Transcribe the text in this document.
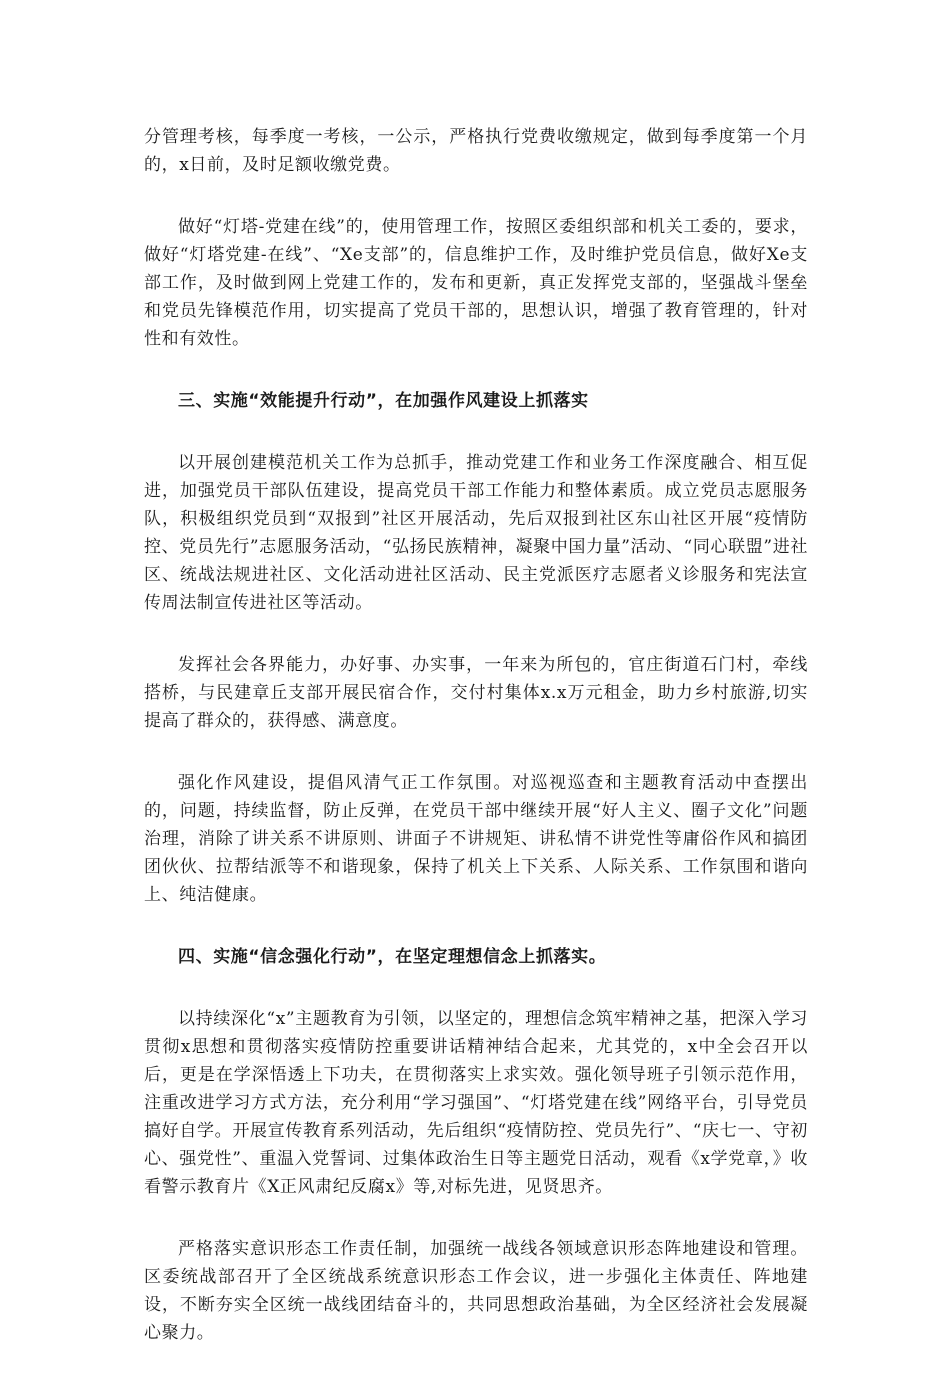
分管理考核，每季度一考核，一公示，严格执行党费收缴规定，做到每季度第一个月的，x日前，及时足额收缴党费。

做好“灯塔-党建在线”的，使用管理工作，按照区委组织部和机关工委的，要求，做好“灯塔党建-在线”、“Xe支部”的，信息维护工作，及时维护党员信息，做好Xe支部工作，及时做到网上党建工作的，发布和更新，真正发挥党支部的，坚强战斗堡垒和党员先锋模范作用，切实提高了党员干部的，思想认识，增强了教育管理的，针对性和有效性。

三、实施“效能提升行动”，在加强作风建设上抓落实

以开展创建模范机关工作为总抓手，推动党建工作和业务工作深度融合、相互促进，加强党员干部队伍建设，提高党员干部工作能力和整体素质。成立党员志愿服务队，积极组织党员到“双报到”社区开展活动，先后双报到社区东山社区开展“疫情防控、党员先行”志愿服务活动，“弘扬民族精神，凝聚中国力量”活动、“同心联盟”进社区、统战法规进社区、文化活动进社区活动、民主党派医疗志愿者义诊服务和宪法宣传周法制宣传进社区等活动。

发挥社会各界能力，办好事、办实事，一年来为所包的，官庄街道石门村，牵线搭桥，与民建章丘支部开展民宿合作，交付村集体x.x万元租金，助力乡村旅游,切实提高了群众的，获得感、满意度。

强化作风建设，提倡风清气正工作氛围。对巡视巡查和主题教育活动中查摆出的，问题，持续监督，防止反弹，在党员干部中继续开展“好人主义、圈子文化”问题治理，消除了讲关系不讲原则、讲面子不讲规矩、讲私情不讲党性等庸俗作风和搞团团伙伙、拉帮结派等不和谐现象，保持了机关上下关系、人际关系、工作氛围和谐向上、纯洁健康。

四、实施“信念强化行动”，在坚定理想信念上抓落实。

以持续深化“x”主题教育为引领，以坚定的，理想信念筑牢精神之基，把深入学习贯彻x思想和贯彻落实疫情防控重要讲话精神结合起来，尤其党的，x中全会召开以后，更是在学深悟透上下功夫，在贯彻落实上求实效。强化领导班子引领示范作用，注重改进学习方式方法，充分利用“学习强国”、“灯塔党建在线”网络平台，引导党员搞好自学。开展宣传教育系列活动，先后组织“疫情防控、党员先行”、“庆七一、守初心、强党性”、重温入党誓词、过集体政治生日等主题党日活动，观看《x学党章，》收看警示教育片《X正风肃纪反腐x》等,对标先进，见贤思齐。

严格落实意识形态工作责任制，加强统一战线各领域意识形态阵地建设和管理。区委统战部召开了全区统战系统意识形态工作会议，进一步强化主体责任、阵地建设，不断夯实全区统一战线团结奋斗的，共同思想政治基础，为全区经济社会发展凝心聚力。
